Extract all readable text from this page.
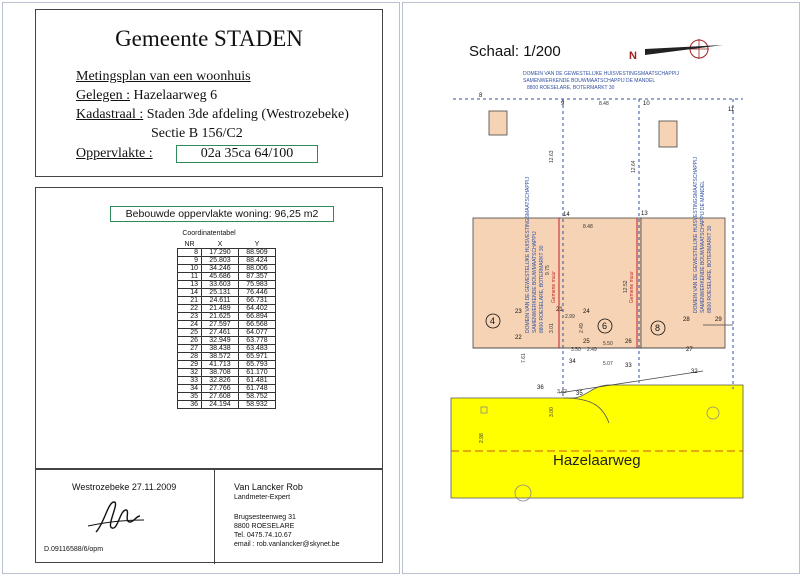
Gemeente STADEN
Metingsplan van een woonhuis
Gelegen : Hazelaarweg 6
Kadastraal : Staden 3de afdeling (Westrozebeke)
Sectie B 156/C2
Oppervlakte :	02a 35ca 64/100
Bebouwde oppervlakte woning: 96,25 m2
Coordinatentabel
NR	X	Y
8	17.290	88.909
9	25.803	88.424
10	34.246	88.006
11	45.686	87.357
13	33.603	75.983
14	25.131	76.446
21	24.611	66.731
22	21.489	64.402
23	21.625	66.894
24	27.597	66.568
25	27.461	64.077
26	32.949	63.778
27	38.438	63.483
28	38.572	65.971
29	41.713	65.793
32	38.708	61.170
33	32.826	61.481
34	27.766	61.748
35	27.608	58.752
36	24.194	58.932
Westrozebeke 27.11.2009
D.09116588/6/opm
Van Lancker Rob
Landmeter-Expert
Brugsesteenweg 31
8800 ROESELARE
Tel. 0475.74.10.67
email : rob.vanlancker@skynet.be
N
Hazelaarweg
DOMEIN VAN DE GEWESTELIJKE HUISVESTINGSMAATSCHAPPIJ
SAMENWERKENDE BOUWMAATSCHAPPIJ DE MANDEL
8800 ROESELARE, BOTERMARKT 30
DOMEIN VAN DE GEWESTELIJKE HUISVESTINGSMAATSCHAPPIJ SAMENWERKENDE BOUWMAATSCHAPPIJ 8800 ROESELARE, BOTERMARKT 30	DOMEIN VAN DE GEWESTELIJKE HUISVESTINGSMAATSCHAPPIJ SAMENWERKENDE BOUWMAATSCHAPPIJ DE MANDEL 8800 ROESELARE, BOTERMARKT 30
Gemene muur	Gemene muur
4	6	8
8
9	10
11
13
14
21
22
23	24
25	26
27
28	29
32
33
34
35
36
8.48
8.48
12.63
12.64
9.75
12.52
2.99
2.49
2.49
5.50
5.07
3.42
3.00
7.61
3.01
3.50
2.98
Schaal: 1/200
